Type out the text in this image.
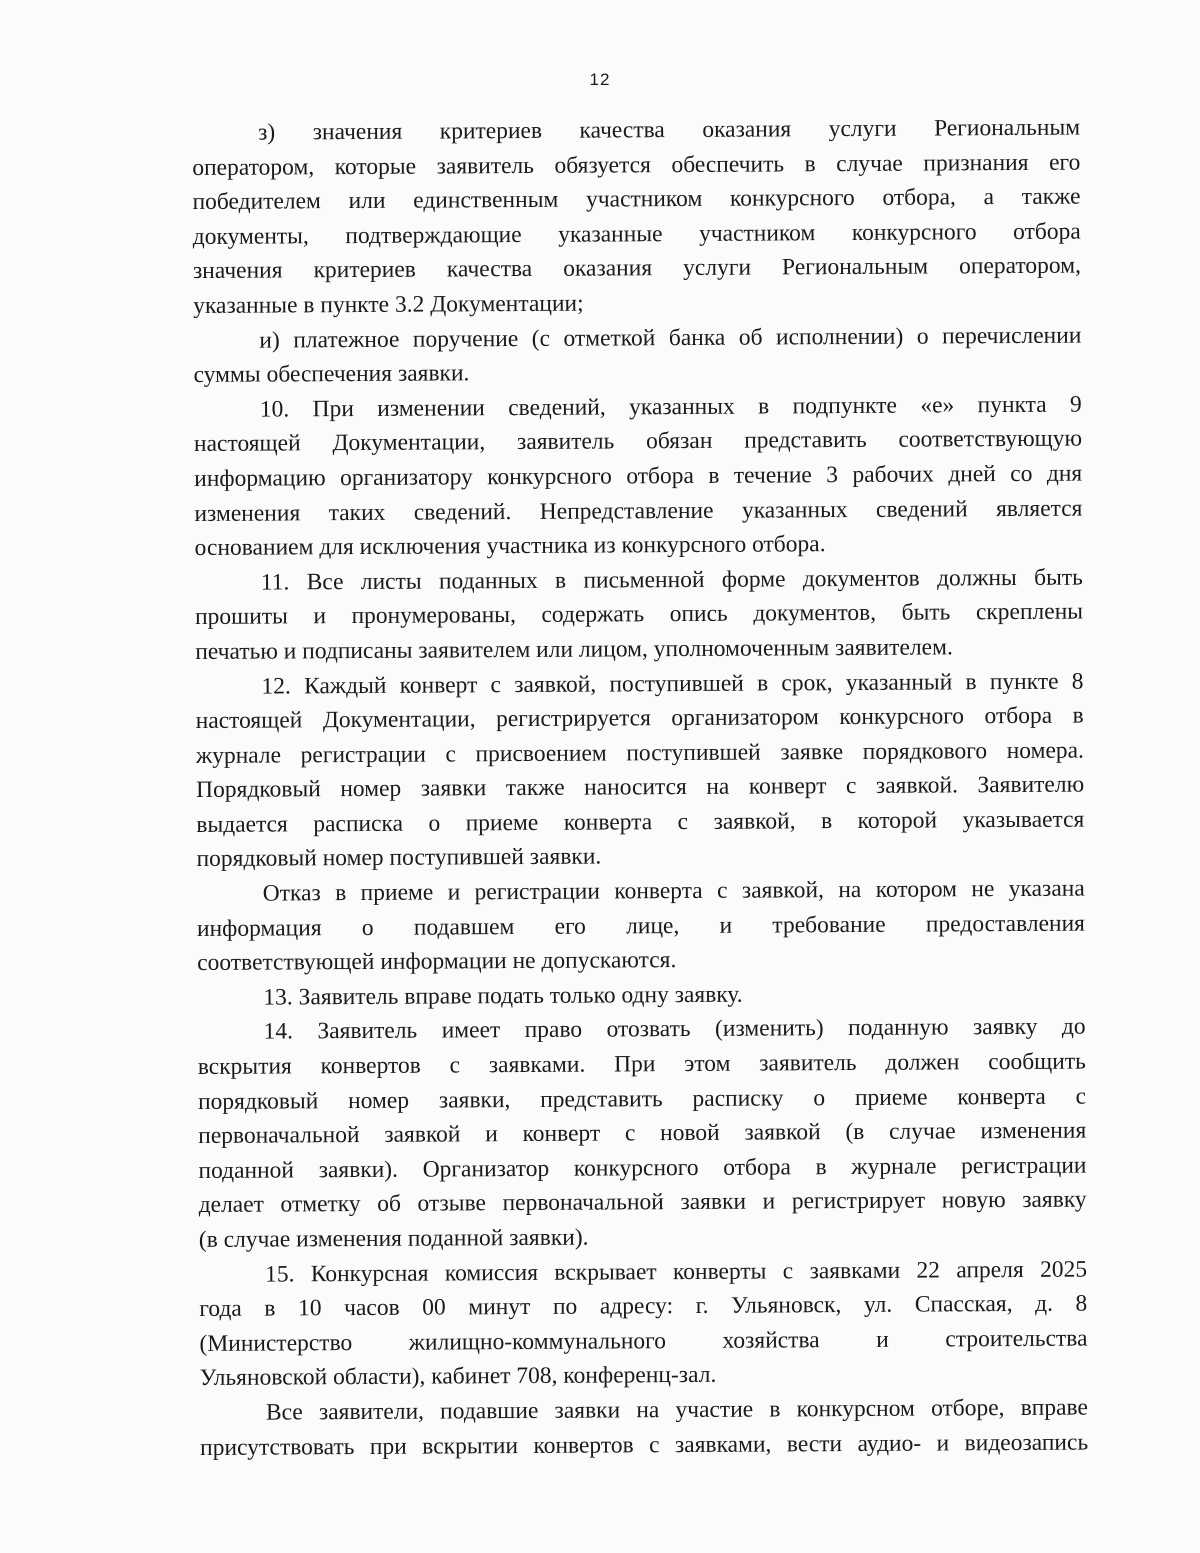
12
з) значения критериев качества оказания услуги Региональным
оператором, которые заявитель обязуется обеспечить в случае признания его
победителем или единственным участником конкурсного отбора, а также
документы, подтверждающие указанные участником конкурсного отбора
значения критериев качества оказания услуги Региональным оператором,
указанные в пункте 3.2 Документации;
и) платежное поручение (с отметкой банка об исполнении) о перечислении
суммы обеспечения заявки.
10. При изменении сведений, указанных в подпункте «е» пункта 9
настоящей Документации, заявитель обязан представить соответствующую
информацию организатору конкурсного отбора в течение 3 рабочих дней со дня
изменения таких сведений. Непредставление указанных сведений является
основанием для исключения участника из конкурсного отбора.
11. Все листы поданных в письменной форме документов должны быть
прошиты и пронумерованы, содержать опись документов, быть скреплены
печатью и подписаны заявителем или лицом, уполномоченным заявителем.
12. Каждый конверт с заявкой, поступившей в срок, указанный в пункте 8
настоящей Документации, регистрируется организатором конкурсного отбора в
журнале регистрации с присвоением поступившей заявке порядкового номера.
Порядковый номер заявки также наносится на конверт с заявкой. Заявителю
выдается расписка о приеме конверта с заявкой, в которой указывается
порядковый номер поступившей заявки.
Отказ в приеме и регистрации конверта с заявкой, на котором не указана
информация о подавшем его лице, и требование предоставления
соответствующей информации не допускаются.
13. Заявитель вправе подать только одну заявку.
14. Заявитель имеет право отозвать (изменить) поданную заявку до
вскрытия конвертов с заявками. При этом заявитель должен сообщить
порядковый номер заявки, представить расписку о приеме конверта с
первоначальной заявкой и конверт с новой заявкой (в случае изменения
поданной заявки). Организатор конкурсного отбора в журнале регистрации
делает отметку об отзыве первоначальной заявки и регистрирует новую заявку
(в случае изменения поданной заявки).
15. Конкурсная комиссия вскрывает конверты с заявками 22 апреля 2025
года в 10 часов 00 минут по адресу: г. Ульяновск, ул. Спасская, д. 8
(Министерство жилищно-коммунального хозяйства и строительства
Ульяновской области), кабинет 708, конференц-зал.
Все заявители, подавшие заявки на участие в конкурсном отборе, вправе
присутствовать при вскрытии конвертов с заявками, вести аудио- и видеозапись
